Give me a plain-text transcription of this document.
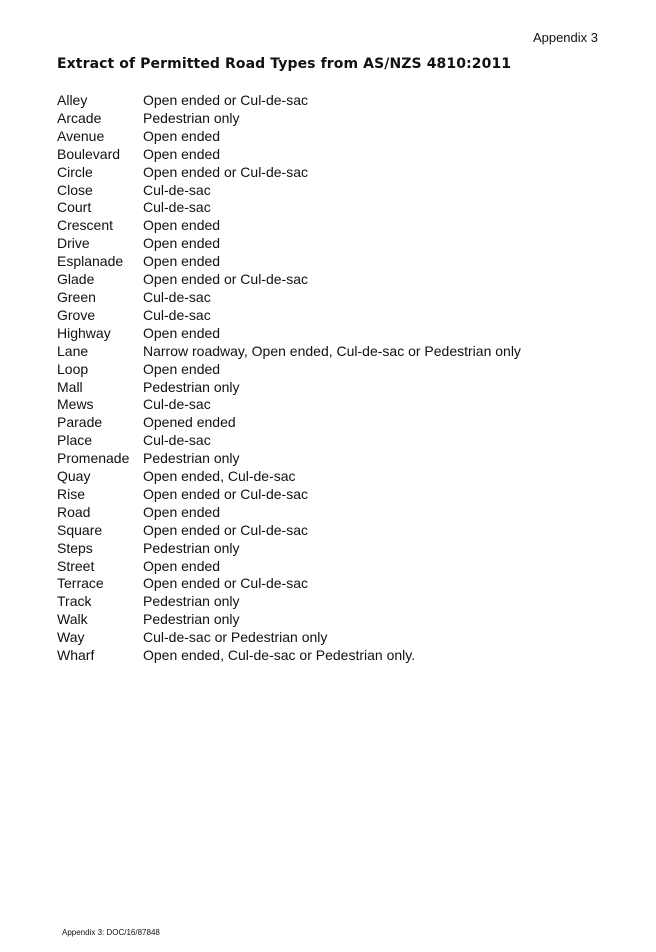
Appendix 3
Extract of Permitted Road Types from AS/NZS 4810:2011
Alley	Open ended or Cul-de-sac
Arcade	Pedestrian only
Avenue	Open ended
Boulevard	Open ended
Circle	Open ended or Cul-de-sac
Close	Cul-de-sac
Court	Cul-de-sac
Crescent	Open ended
Drive	Open ended
Esplanade	Open ended
Glade	Open ended or Cul-de-sac
Green	Cul-de-sac
Grove	Cul-de-sac
Highway	Open ended
Lane	Narrow roadway, Open ended, Cul-de-sac or Pedestrian only
Loop	Open ended
Mall	Pedestrian only
Mews	Cul-de-sac
Parade	Opened ended
Place	Cul-de-sac
Promenade	Pedestrian only
Quay	Open ended, Cul-de-sac
Rise	Open ended or Cul-de-sac
Road	Open ended
Square	Open ended or Cul-de-sac
Steps	Pedestrian only
Street	Open ended
Terrace	Open ended or Cul-de-sac
Track	Pedestrian only
Walk	Pedestrian only
Way	Cul-de-sac or Pedestrian only
Wharf	Open ended, Cul-de-sac or Pedestrian only.
Appendix 3: DOC/16/87848
